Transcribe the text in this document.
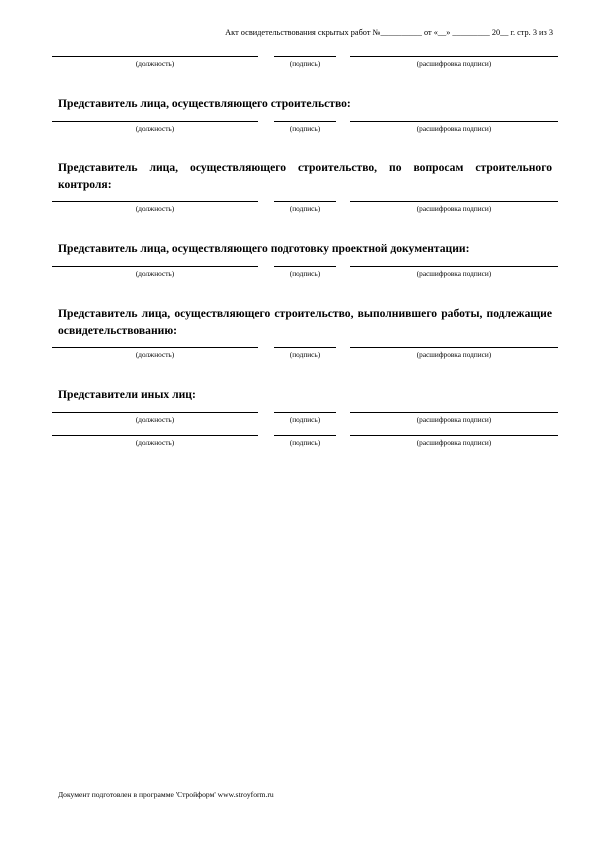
Акт освидетельствования скрытых работ №__________ от «__» _________ 20__ г. стр. 3 из 3
(должность)	(подпись)	(расшифровка подписи)
Представитель лица, осуществляющего строительство:
(должность)	(подпись)	(расшифровка подписи)
Представитель лица, осуществляющего строительство, по вопросам строительного контроля:
(должность)	(подпись)	(расшифровка подписи)
Представитель лица, осуществляющего подготовку проектной документации:
(должность)	(подпись)	(расшифровка подписи)
Представитель лица, осуществляющего строительство, выполнившего работы, подлежащие освидетельствованию:
(должность)	(подпись)	(расшифровка подписи)
Представители иных лиц:
(должность)	(подпись)	(расшифровка подписи)
(должность)	(подпись)	(расшифровка подписи)
Документ подготовлен в программе 'Стройформ' www.stroyform.ru
